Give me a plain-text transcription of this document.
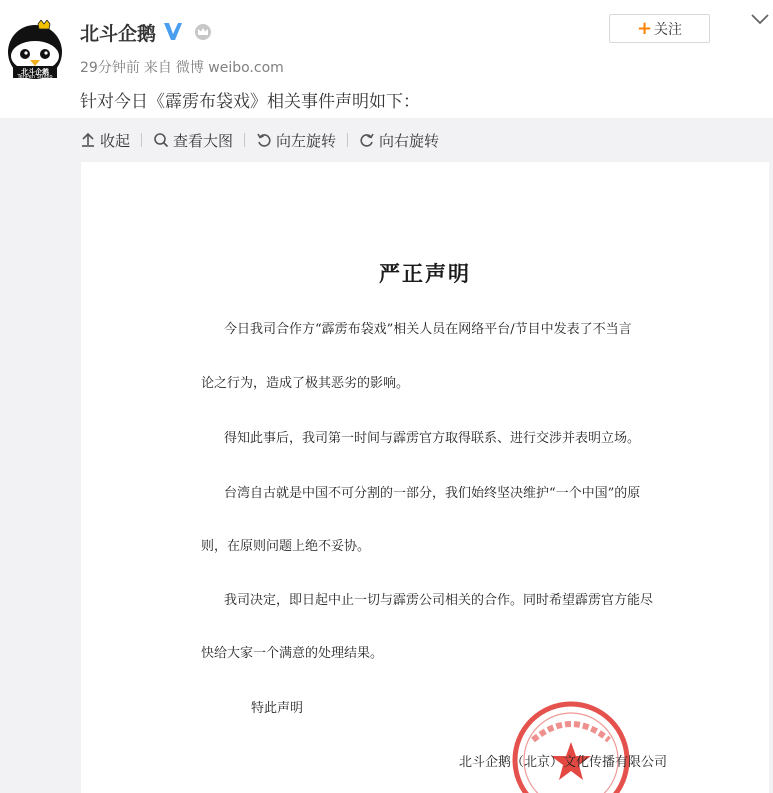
北斗企鹅
TenPen Studio
北斗企鹅
29分钟前 来自 微博 weibo.com
针对今日《霹雳布袋戏》相关事件声明如下：
+ 关注
收起	查看大图	向左旋转	向右旋转
严正声明
今日我司合作方“霹雳布袋戏”相关人员在网络平台/节目中发表了不当言
论之行为，造成了极其恶劣的影响。
得知此事后，我司第一时间与霹雳官方取得联系、进行交涉并表明立场。
台湾自古就是中国不可分割的一部分，我们始终坚决维护“一个中国”的原
则，在原则问题上绝不妥协。
我司决定，即日起中止一切与霹雳公司相关的合作。同时希望霹雳官方能尽
快给大家一个满意的处理结果。
特此声明
北斗企鹅（北京）文化传播有限公司
